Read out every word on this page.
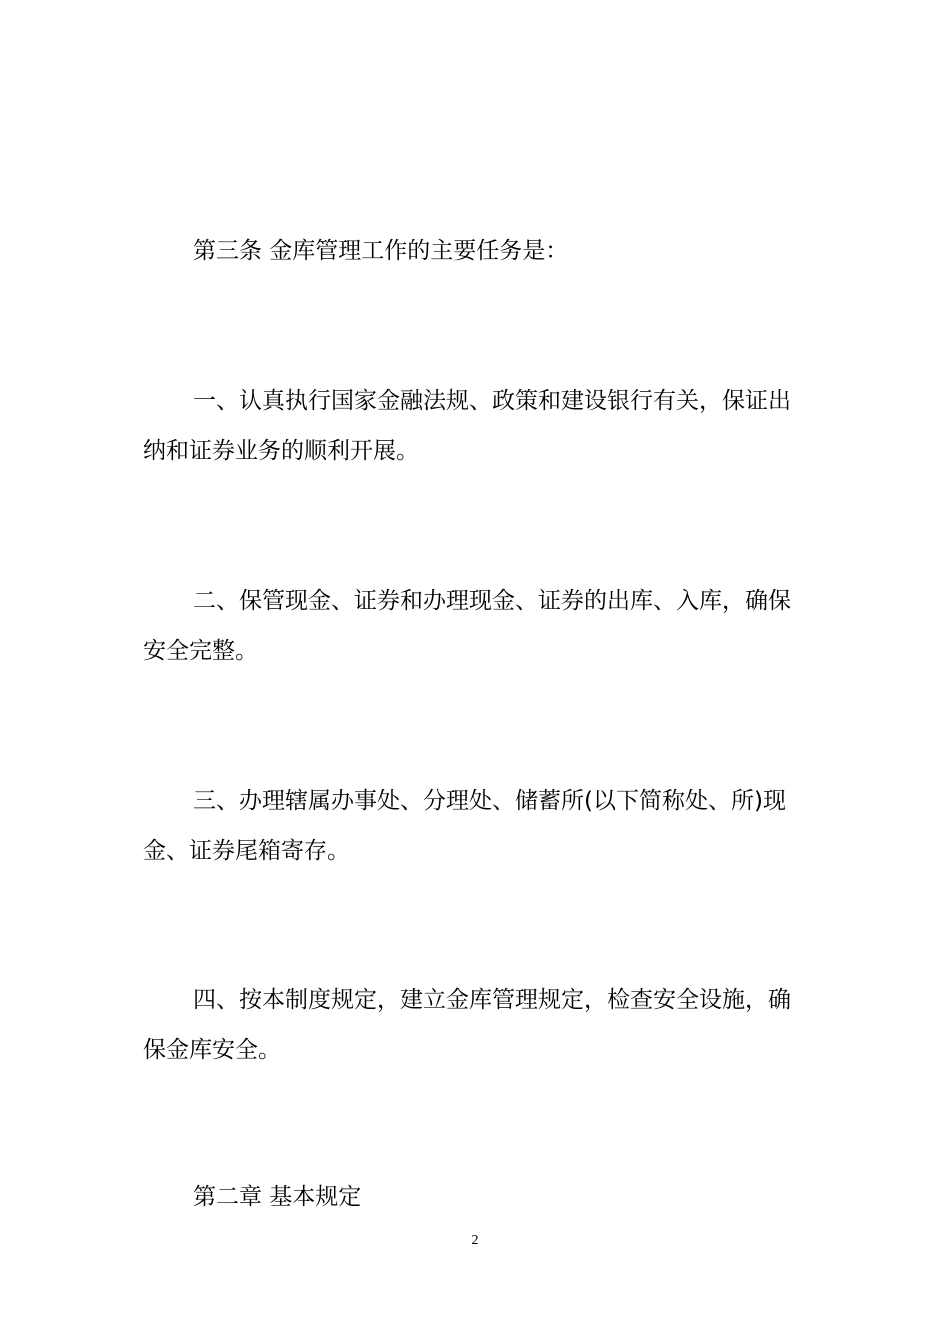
第三条 金库管理工作的主要任务是：

一、认真执行国家金融法规、政策和建设银行有关，保证出纳和证券业务的顺利开展。

二、保管现金、证券和办理现金、证券的出库、入库，确保安全完整。

三、办理辖属办事处、分理处、储蓄所(以下简称处、所)现金、证券尾箱寄存。

四、按本制度规定，建立金库管理规定，检查安全设施，确保金库安全。

第二章 基本规定

2
